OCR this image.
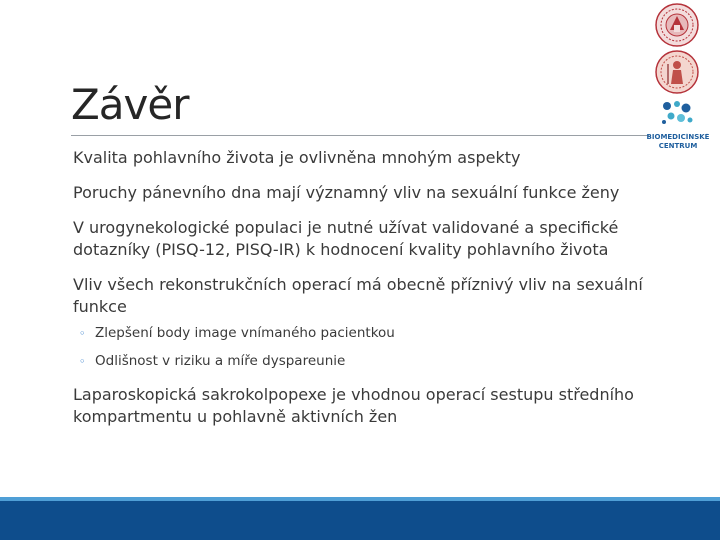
Závěr
Kvalita pohlavního života je ovlivněna mnohým aspekty
Poruchy pánevního dna mají významný vliv na sexuální funkce ženy
V urogynekologické populaci je nutné užívat validované a specifické dotazníky (PISQ-12, PISQ-IR) k hodnocení kvality pohlavního života
Vliv všech rekonstrukčních operací má obecně příznivý vliv na sexuální funkce
◦ Zlepšení body image vnímaného pacientkou
◦ Odlišnost v riziku a míře dyspareunie
Laparoskopická sakrokolpopexe je vhodnou operací sestupu středního kompartmentu u pohlavně aktivních žen
BIOMEDICÍNSKÉ
CENTRUM
